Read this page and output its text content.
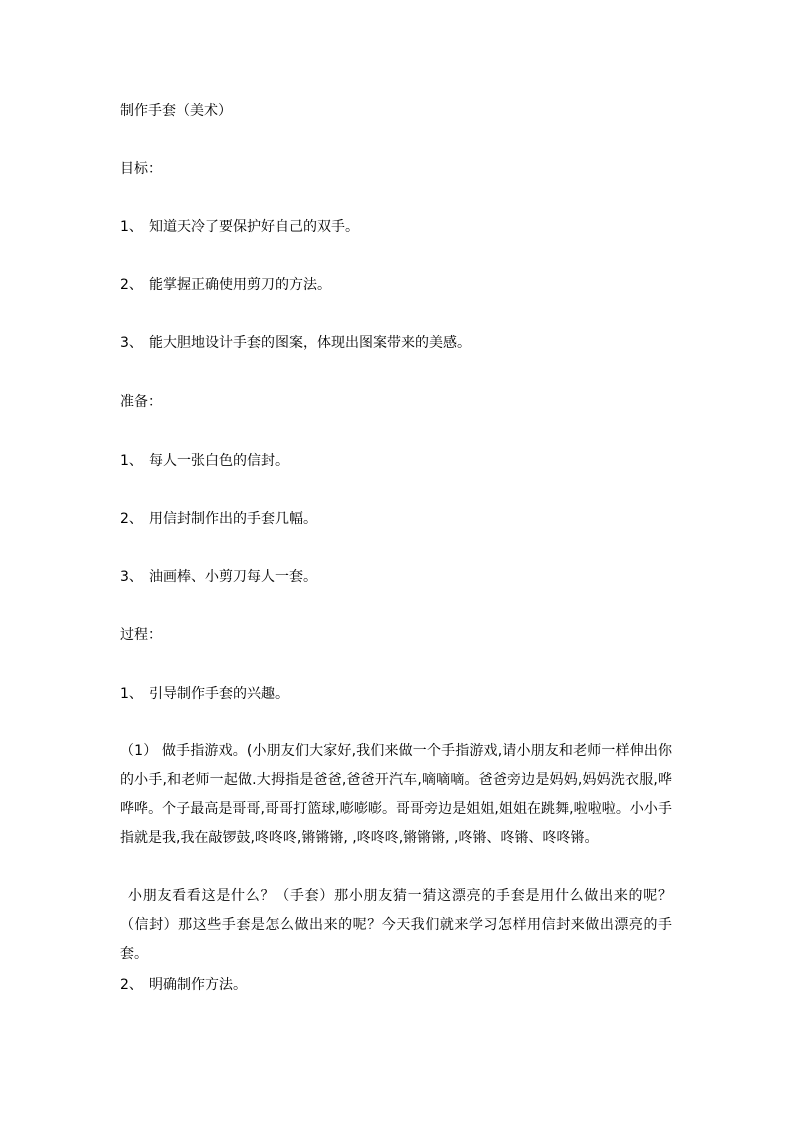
制作手套（美术）
目标：
1、 知道天冷了要保护好自己的双手。
2、 能掌握正确使用剪刀的方法。
3、 能大胆地设计手套的图案，体现出图案带来的美感。
准备：
1、 每人一张白色的信封。
2、 用信封制作出的手套几幅。
3、 油画棒、小剪刀每人一套。
过程：
1、 引导制作手套的兴趣。
（1） 做手指游戏。(小朋友们大家好,我们来做一个手指游戏,请小朋友和老师一样伸出你的小手,和老师一起做.大拇指是爸爸,爸爸开汽车,嘀嘀嘀。爸爸旁边是妈妈,妈妈洗衣服,哗哗哗。个子最高是哥哥,哥哥打篮球,嘭嘭嘭。哥哥旁边是姐姐,姐姐在跳舞,啦啦啦。小小手指就是我,我在敲锣鼓,咚咚咚,锵锵锵, ,咚咚咚,锵锵锵, ,咚锵、咚锵、咚咚锵。
小朋友看看这是什么？（手套）那小朋友猜一猜这漂亮的手套是用什么做出来的呢？（信封）那这些手套是怎么做出来的呢？今天我们就来学习怎样用信封来做出漂亮的手套。
2、 明确制作方法。
